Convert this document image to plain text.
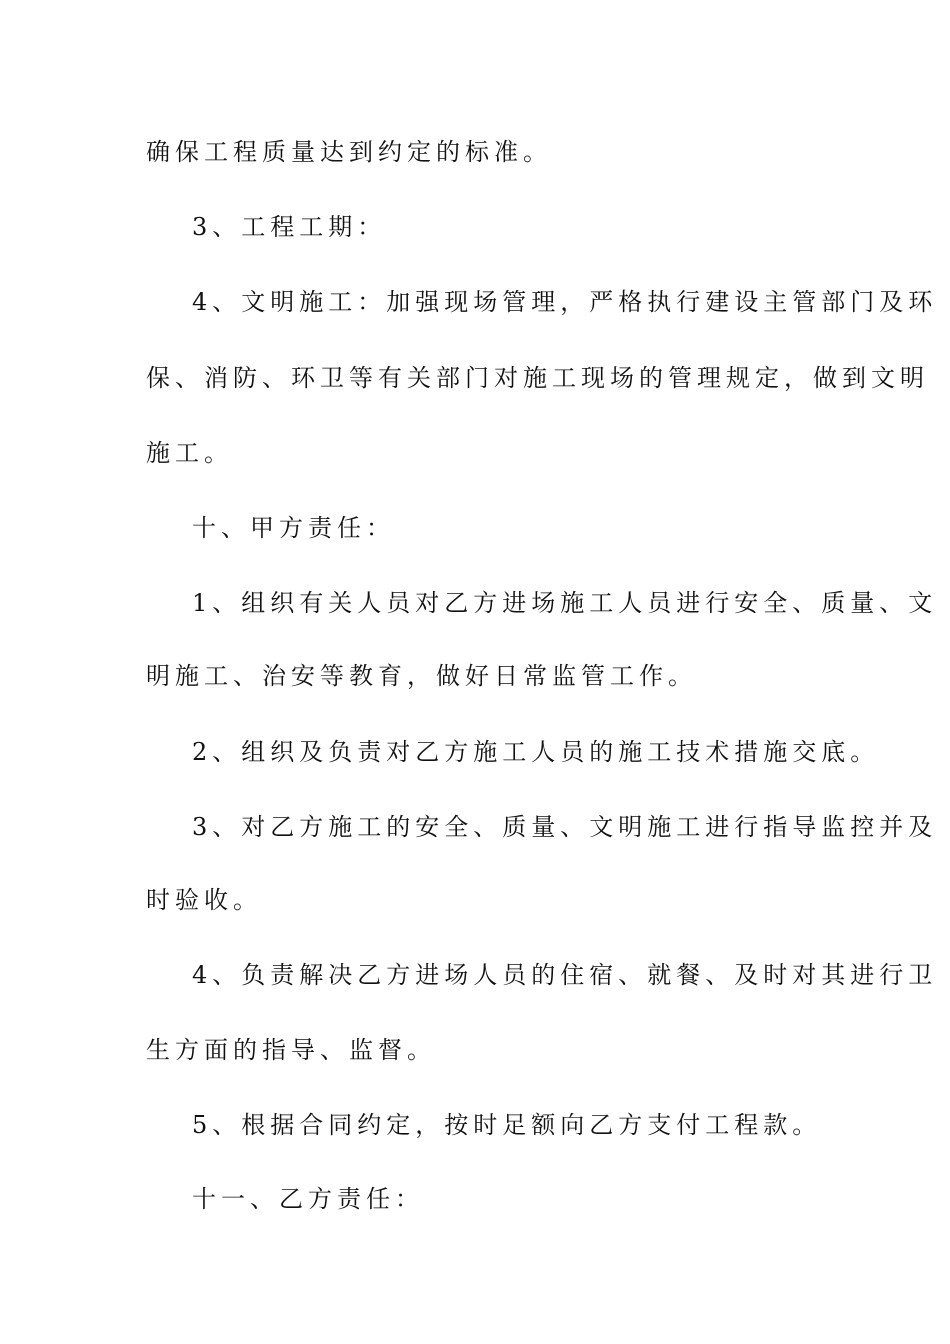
确保工程质量达到约定的标准。
3、工程工期：
4、文明施工：加强现场管理，严格执行建设主管部门及环
保、消防、环卫等有关部门对施工现场的管理规定，做到文明
施工。
十、甲方责任：
1、组织有关人员对乙方进场施工人员进行安全、质量、文
明施工、治安等教育，做好日常监管工作。
2、组织及负责对乙方施工人员的施工技术措施交底。
3、对乙方施工的安全、质量、文明施工进行指导监控并及
时验收。
4、负责解决乙方进场人员的住宿、就餐、及时对其进行卫
生方面的指导、监督。
5、根据合同约定，按时足额向乙方支付工程款。
十一、乙方责任：
